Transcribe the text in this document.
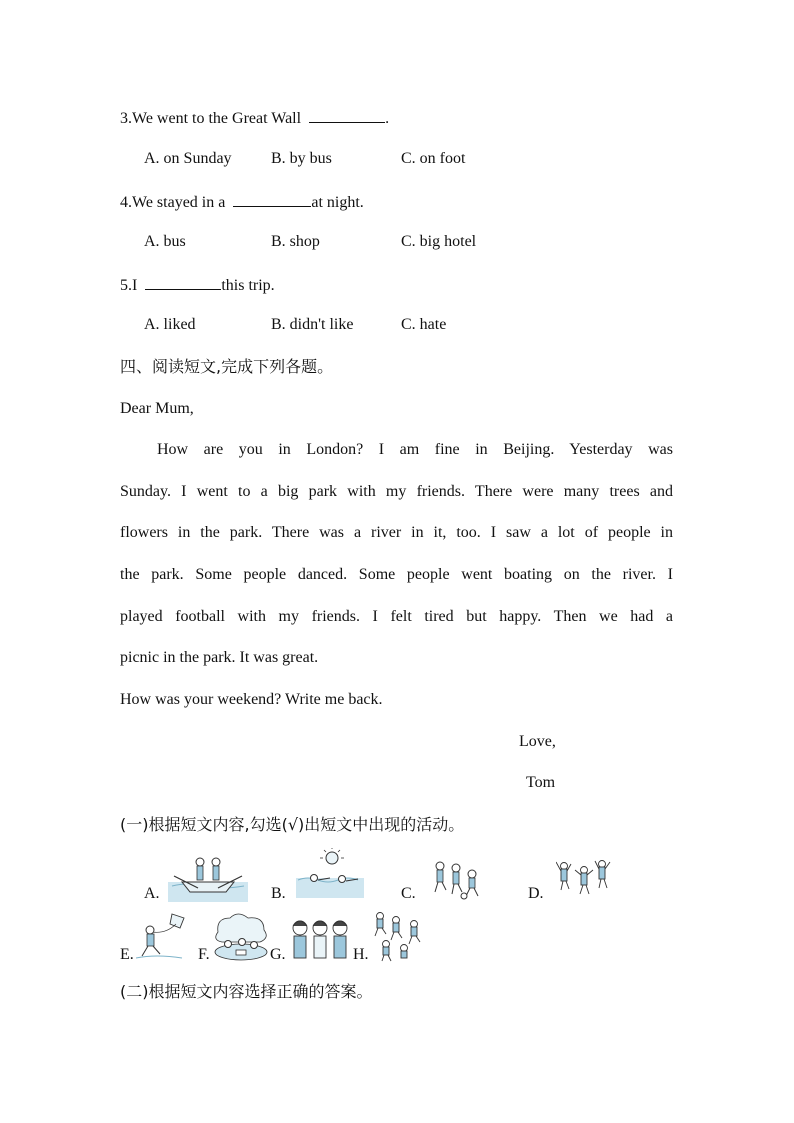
3.We went to the Great Wall	.
A. on Sunday B. by bus	C. on foot
4.We stayed in a	at night.
A. bus	B. shop	C. big hotel
5.I	this trip.
A. liked	B. didn't like	C. hate
四、阅读短文,完成下列各题。
Dear Mum,
How are you in London? I am fine in Beijing. Yesterday was
Sunday. I went to a big park with my friends. There were many trees and
flowers in the park. There was a river in it, too. I saw a lot of people in
the park. Some people danced. Some people went boating on the river. I
played football with my friends. I felt tired but happy. Then we had a
picnic in the park. It was great.
How was your weekend? Write me back.
Love,
Tom
(一)根据短文内容,勾选(√)出短文中出现的活动。
A.	B.	C.	D.
E.	F.	G.	H.
(二)根据短文内容选择正确的答案。
